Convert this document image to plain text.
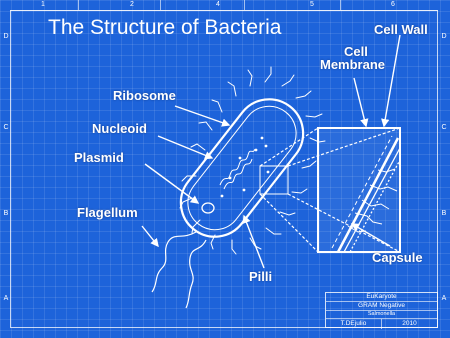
1	2	4	5	6
D
C
B
A
D
C
B
A
The Structure of Bacteria	Cell Wall
Cell
Membrane
Ribosome
Nucleoid
Plasmid
Flagellum
Capsule
Pilli
EuKaryote
GRAM Negative
Salmonella
T.DEjulio	2010
